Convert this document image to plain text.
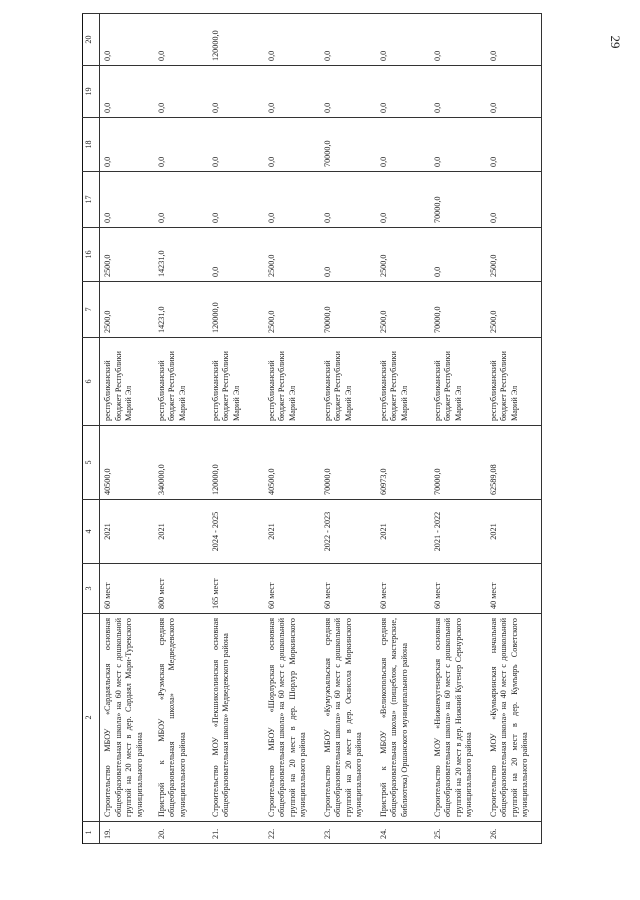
29
1	2	3	4	5	6	7	16	17	18	19	20
19.	Строительство МБОУ «Сардаяльская основная общеобразовательная школа» на 60 мест с дошкольной группой на 20 мест в дер. Сардаял Мари-Турекского муниципального района	60 мест	2021	40500,0	республиканский бюджет Республики Марий Эл	2500,0	2500,0	0,0	0,0	0,0	0,0
20.	Пристрой к МБОУ «Руэмская средняя общеобразовательная школа» Медведевского муниципального района	800 мест	2021	340000,0	республиканский бюджет Республики Марий Эл	14231,0	14231,0	0,0	0,0	0,0	0,0
21.	Строительство МОУ «Пекшиксолинская основная общеобразовательная школа» Медведевского района	165 мест	2024 - 2025	120000,0	республиканский бюджет Республики Марий Эл	120000,0	0,0	0,0	0,0	0,0	120000,0
22.	Строительство МБОУ «Шорлурская основная общеобразовательная школа» на 60 мест с дошкольной группой на 20 мест в дер. Шорлур Моркинского муниципального района	60 мест	2021	40500,0	республиканский бюджет Республики Марий Эл	2500,0	2500,0	0,0	0,0	0,0	0,0
23.	Строительство МБОУ «Кумужъяльская средняя общеобразовательная школа» на 60 мест с дошкольной группой на 20 мест в дер. Оснисола Моркинского муниципального района	60 мест	2022 - 2023	70000,0	республиканский бюджет Республики Марий Эл	70000,0	0,0	0,0	70000,0	0,0	0,0
24.	Пристрой к МБОУ «Великопольская средняя общеобразовательная школа» (пищеблок, мастерские, библиотека) Оршанского муниципального района	60 мест	2021	60973,0	республиканский бюджет Республики Марий Эл	2500,0	2500,0	0,0	0,0	0,0	0,0
25.	Строительство МОУ «Нижнекугенерская основная общеобразовательная школа» на 60 мест с дошкольной группой на 20 мест в дер. Нижний Кугенер Сернурского муниципального района	60 мест	2021 - 2022	70000,0	республиканский бюджет Республики Марий Эл	70000,0	0,0	70000,0	0,0	0,0	0,0
26.	Строительство МОУ «Кумьяринская начальная общеобразовательная школа» на 40 мест с дошкольной группой на 20 мест в дер. Кумъяръ Советского муниципального района	40 мест	2021	62589,08	республиканский бюджет Республики Марий Эл	2500,0	2500,0	0,0	0,0	0,0	0,0
